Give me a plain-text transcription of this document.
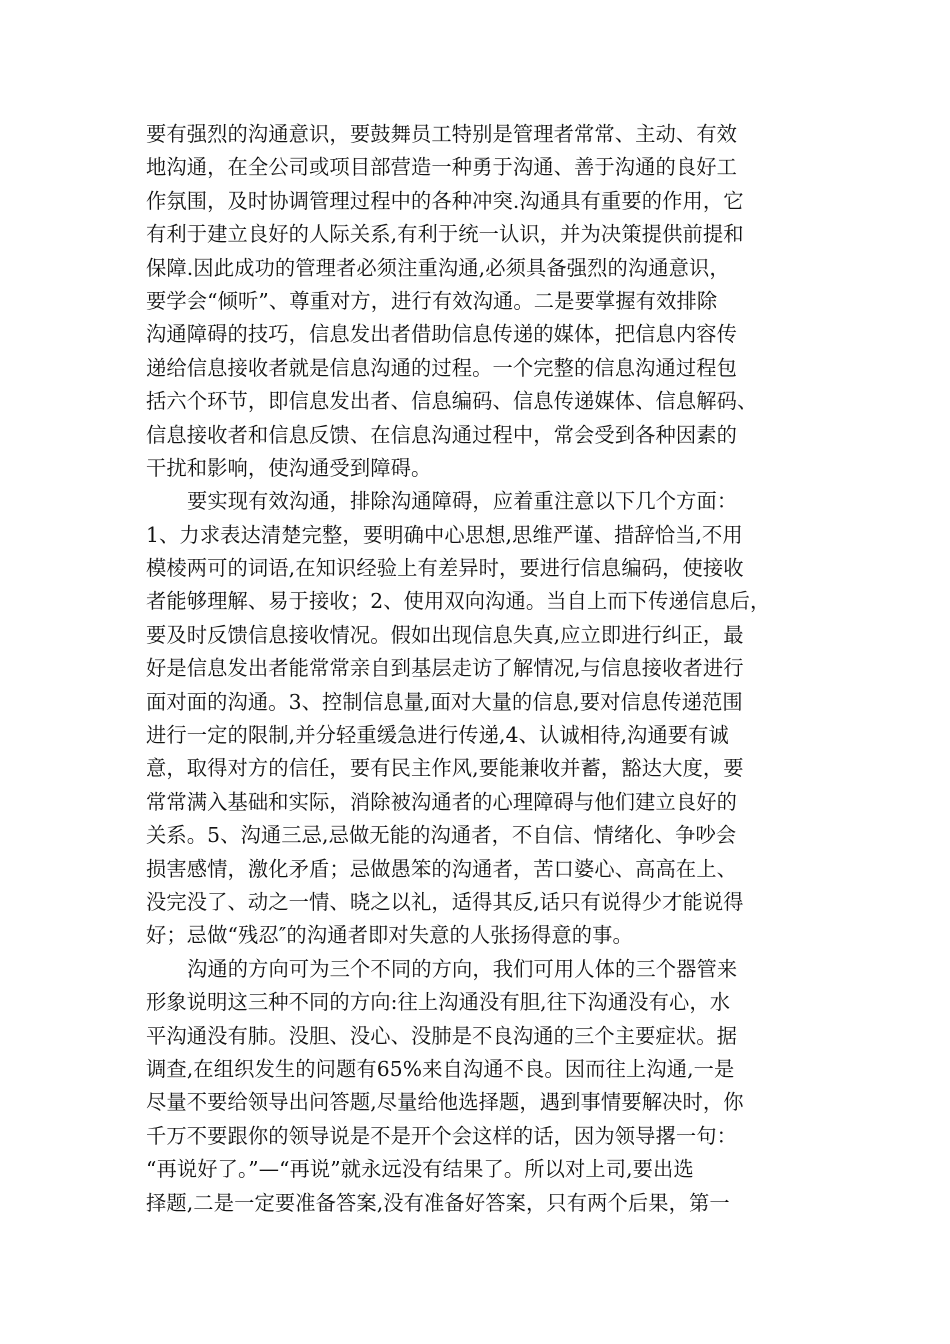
要有强烈的沟通意识，要鼓舞员工特别是管理者常常、主动、有效
地沟通，在全公司或项目部营造一种勇于沟通、善于沟通的良好工
作氛围，及时协调管理过程中的各种冲突.沟通具有重要的作用，它
有利于建立良好的人际关系,有利于统一认识，并为决策提供前提和
保障.因此成功的管理者必须注重沟通,必须具备强烈的沟通意识，
要学会“倾听”、尊重对方，进行有效沟通。二是要掌握有效排除
沟通障碍的技巧，信息发出者借助信息传递的媒体，把信息内容传
递给信息接收者就是信息沟通的过程。一个完整的信息沟通过程包
括六个环节，即信息发出者、信息编码、信息传递媒体、信息解码、
信息接收者和信息反馈、在信息沟通过程中，常会受到各种因素的
干扰和影响，使沟通受到障碍。
要实现有效沟通，排除沟通障碍，应着重注意以下几个方面：
1、力求表达清楚完整，要明确中心思想,思维严谨、措辞恰当,不用
模棱两可的词语,在知识经验上有差异时，要进行信息编码，使接收
者能够理解、易于接收；2、使用双向沟通。当自上而下传递信息后，
要及时反馈信息接收情况。假如出现信息失真,应立即进行纠正，最
好是信息发出者能常常亲自到基层走访了解情况,与信息接收者进行
面对面的沟通。3、控制信息量,面对大量的信息,要对信息传递范围
进行一定的限制,并分轻重缓急进行传递,4、认诚相待,沟通要有诚
意，取得对方的信任，要有民主作风,要能兼收并蓄，豁达大度，要
常常满入基础和实际，消除被沟通者的心理障碍与他们建立良好的
关系。5、沟通三忌,忌做无能的沟通者，不自信、情绪化、争吵会
损害感情，激化矛盾；忌做愚笨的沟通者，苦口婆心、高高在上、
没完没了、动之一情、晓之以礼，适得其反,话只有说得少才能说得
好；忌做“残忍″的沟通者即对失意的人张扬得意的事。
沟通的方向可为三个不同的方向，我们可用人体的三个器管来
形象说明这三种不同的方向:往上沟通没有胆,往下沟通没有心，水
平沟通没有肺。没胆、没心、没肺是不良沟通的三个主要症状。据
调查,在组织发生的问题有65%来自沟通不良。因而往上沟通,一是
尽量不要给领导出问答题,尽量给他选择题，遇到事情要解决时，你
千万不要跟你的领导说是不是开个会这样的话，因为领导撂一句：
“再说好了。”—“再说”就永远没有结果了。所以对上司,要出选
择题,二是一定要准备答案,没有准备好答案，只有两个后果，第一
